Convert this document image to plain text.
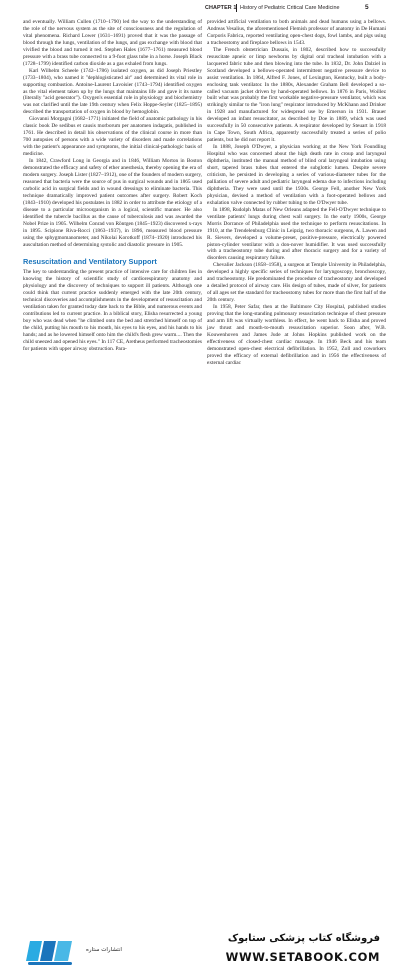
CHAPTER 1 History of Pediatric Critical Care Medicine	5

and eventually. William Cullen (1710–1790) led the way to the understanding of the role of the nervous system as the site of consciousness and the regulation of vital phenomena. Richard Lower (1631–1691) proved that it was the passage of blood through the lungs, ventilation of the lungs, and gas exchange with blood that vivified the blood and turned it red. Stephen Hales (1677–1761) measured blood pressure with a brass tube connected to a 9-foot glass tube in a horse. Joseph Black (1728–1799) identified carbon dioxide as a gas exhaled from lungs.

Karl Wilhelm Scheele (1742–1786) isolated oxygen, as did Joseph Priestley (1733–1804), who named it "dephlogisticated air" and determined its vital role in supporting combustion. Antoine-Laurent Lavoisier (1743–1794) identified oxygen as the vital element taken up by the lungs that maintains life and gave it its name (literally "acid generator"). Oxygen's essential role in physiology and biochemistry was not clarified until the late 19th century when Felix Hoppe-Seyler (1825–1895) described the transportation of oxygen in blood by hemoglobin.

Giovanni Morgagni (1682–1771) initiated the field of anatomic pathology in his classic book De sedibus et causis morborum per anatomen indagatis, published in 1761. He described in detail his observations of the clinical course in more than 700 autopsies of persons with a wide variety of disorders and made correlations with the patient's appearance and symptoms, the initial clinical-pathologic basis of medicine.

In 1842, Crawford Long in Georgia and in 1846, William Morton in Boston demonstrated the efficacy and safety of ether anesthesia, thereby opening the era of modern surgery. Joseph Lister (1827–1912), one of the founders of modern surgery, reasoned that bacteria were the source of pus in surgical wounds and in 1865 used carbolic acid in surgical fields and in wound dressings to eliminate bacteria. This technique dramatically improved patient outcomes after surgery. Robert Koch (1843–1910) developed his postulates in 1882 in order to attribute the etiology of a disease to a particular microorganism in a logical, scientific manner. He also identified the tubercle bacillus as the cause of tuberculosis and was awarded the Nobel Prize in 1905. Wilhelm Conrad von Röntgen (1845–1923) discovered x-rays in 1895. Scipione Riva-Rocci (1863–1937), in 1896, measured blood pressure using the sphygmomanometer, and Nikolai Korotkoff (1874–1920) introduced his auscultation method of determining systolic and diastolic pressure in 1905.

Resuscitation and Ventilatory Support

The key to understanding the present practice of intensive care for children lies in knowing the history of scientific study of cardiorespiratory anatomy and physiology and the discovery of techniques to support ill patients. Although one could think that current practice suddenly emerged with the late 20th century, technical discoveries and accomplishments in the development of resuscitation and ventilation taken for granted today date back to the Bible, and numerous events and contributions led to current practice. In a biblical story, Elisha resurrected a young boy who was dead when "he climbed onto the bed and stretched himself on top of the child, putting his mouth to his mouth, his eyes to his eyes, and his hands to his hands; and as he lowered himself onto him the child's flesh grew warm.... Then the child sneezed and opened his eyes." In 117 CE, Aretheus performed tracheostomies for patients with upper airway obstruction. Para-

provided artificial ventilation to both animals and dead humans using a bellows. Andreas Vesalius, the aforementioned Flemish professor of anatomy in De Humani Corporis Fabrica, reported ventilating open-chest dogs, fowl lambs, and pigs using a tracheostomy and fireplace bellows in 1543.

The French obstetrician Dussais, in 1802, described how to successfully resuscitate apneic or limp newborns by digital oral tracheal intubation with a lacquered fabric tube and then blowing into the tube. In 1832, Dr. John Dalziel in Scotland developed a bellows-operated intermittent negative pressure device to assist ventilation. In 1864, Alfred F. Jones, of Lexington, Kentucky, built a body-enclosing tank ventilator. In the 1880s, Alexander Graham Bell developed a so-called vacuum jacket driven by hand-operated bellows. In 1876 in Paris, Woillez built what was probably the first workable negative-pressure ventilator, which was strikingly similar to the "iron lung" respirator introduced by McKhann and Drinker in 1928 and manufactured for widespread use by Emerson in 1931. Brauer developed an infant resuscitator, as described by Doe in 1889, which was used successfully in 50 consecutive patients. A respirator developed by Steuart in 1918 in Cape Town, South Africa, apparently successfully treated a series of polio patients, but he did not report it.

In 1888, Joseph O'Dwyer, a physician working at the New York Foundling Hospital who was concerned about the high death rate in croup and laryngeal diphtheria, instituted the manual method of blind oral laryngeal intubation using short, tapered brass tubes that entered the subglottic lumen. Despite severe criticism, he persisted in developing a series of various-diameter tubes for the palliation of severe adult and pediatric laryngeal edema due to infections including diphtheria. They were used until the 1930s. George Fell, another New York physician, devised a method of ventilation with a foot-operated bellows and exhalation valve connected by rubber tubing to the O'Dwyer tube.

In 1898, Rudolph Matas of New Orleans adapted the Fell-O'Dwyer technique to ventilate patients' lungs during chest wall surgery. In the early 1900s, George Morris Dorrance of Philadelphia used the technique to perform resuscitations. In 1910, at the Trendelenburg Clinic in Leipzig, two thoracic surgeons, A. Lawen and R. Sievers, developed a volume-preset, positive-pressure, electrically powered piston-cylinder ventilator with a don-nover humidifier. It was used successfully with a tracheostomy tube during and after thoracic surgery and for a variety of disorders causing respiratory failure.

Chevalier Jackson (1858–1958), a surgeon at Temple University in Philadelphia, developed a highly specific series of techniques for laryngoscopy, bronchoscopy, and tracheostomy. He predominated the procedure of tracheostomy and developed a detailed protocol of airway care. His design of tubes, made of silver, for patients of all ages set the standard for tracheostomy tubes for more than the first half of the 20th century.

In 1958, Peter Safar, then at the Baltimore City Hospital, published studies proving that the long-standing pulmonary resuscitation technique of chest pressure and arm lift was virtually worthless. In effect, he went back to Elisha and proved jaw thrust and mouth-to-mouth resuscitation superior. Soon after, W.B. Kouwenhoven and James Jude at Johns Hopkins published work on the effectiveness of closed-chest cardiac massage. In 1946 Beck and his team demonstrated open-chest electrical defibrillation. In 1952, Zoll and coworkers proved the efficacy of external defibrillation and in 1956 the effectiveness of external cardiac

انتشارات ستاره
فروشگاه کتاب پزشکی ستابوک
WWW.SETABOOK.COM
